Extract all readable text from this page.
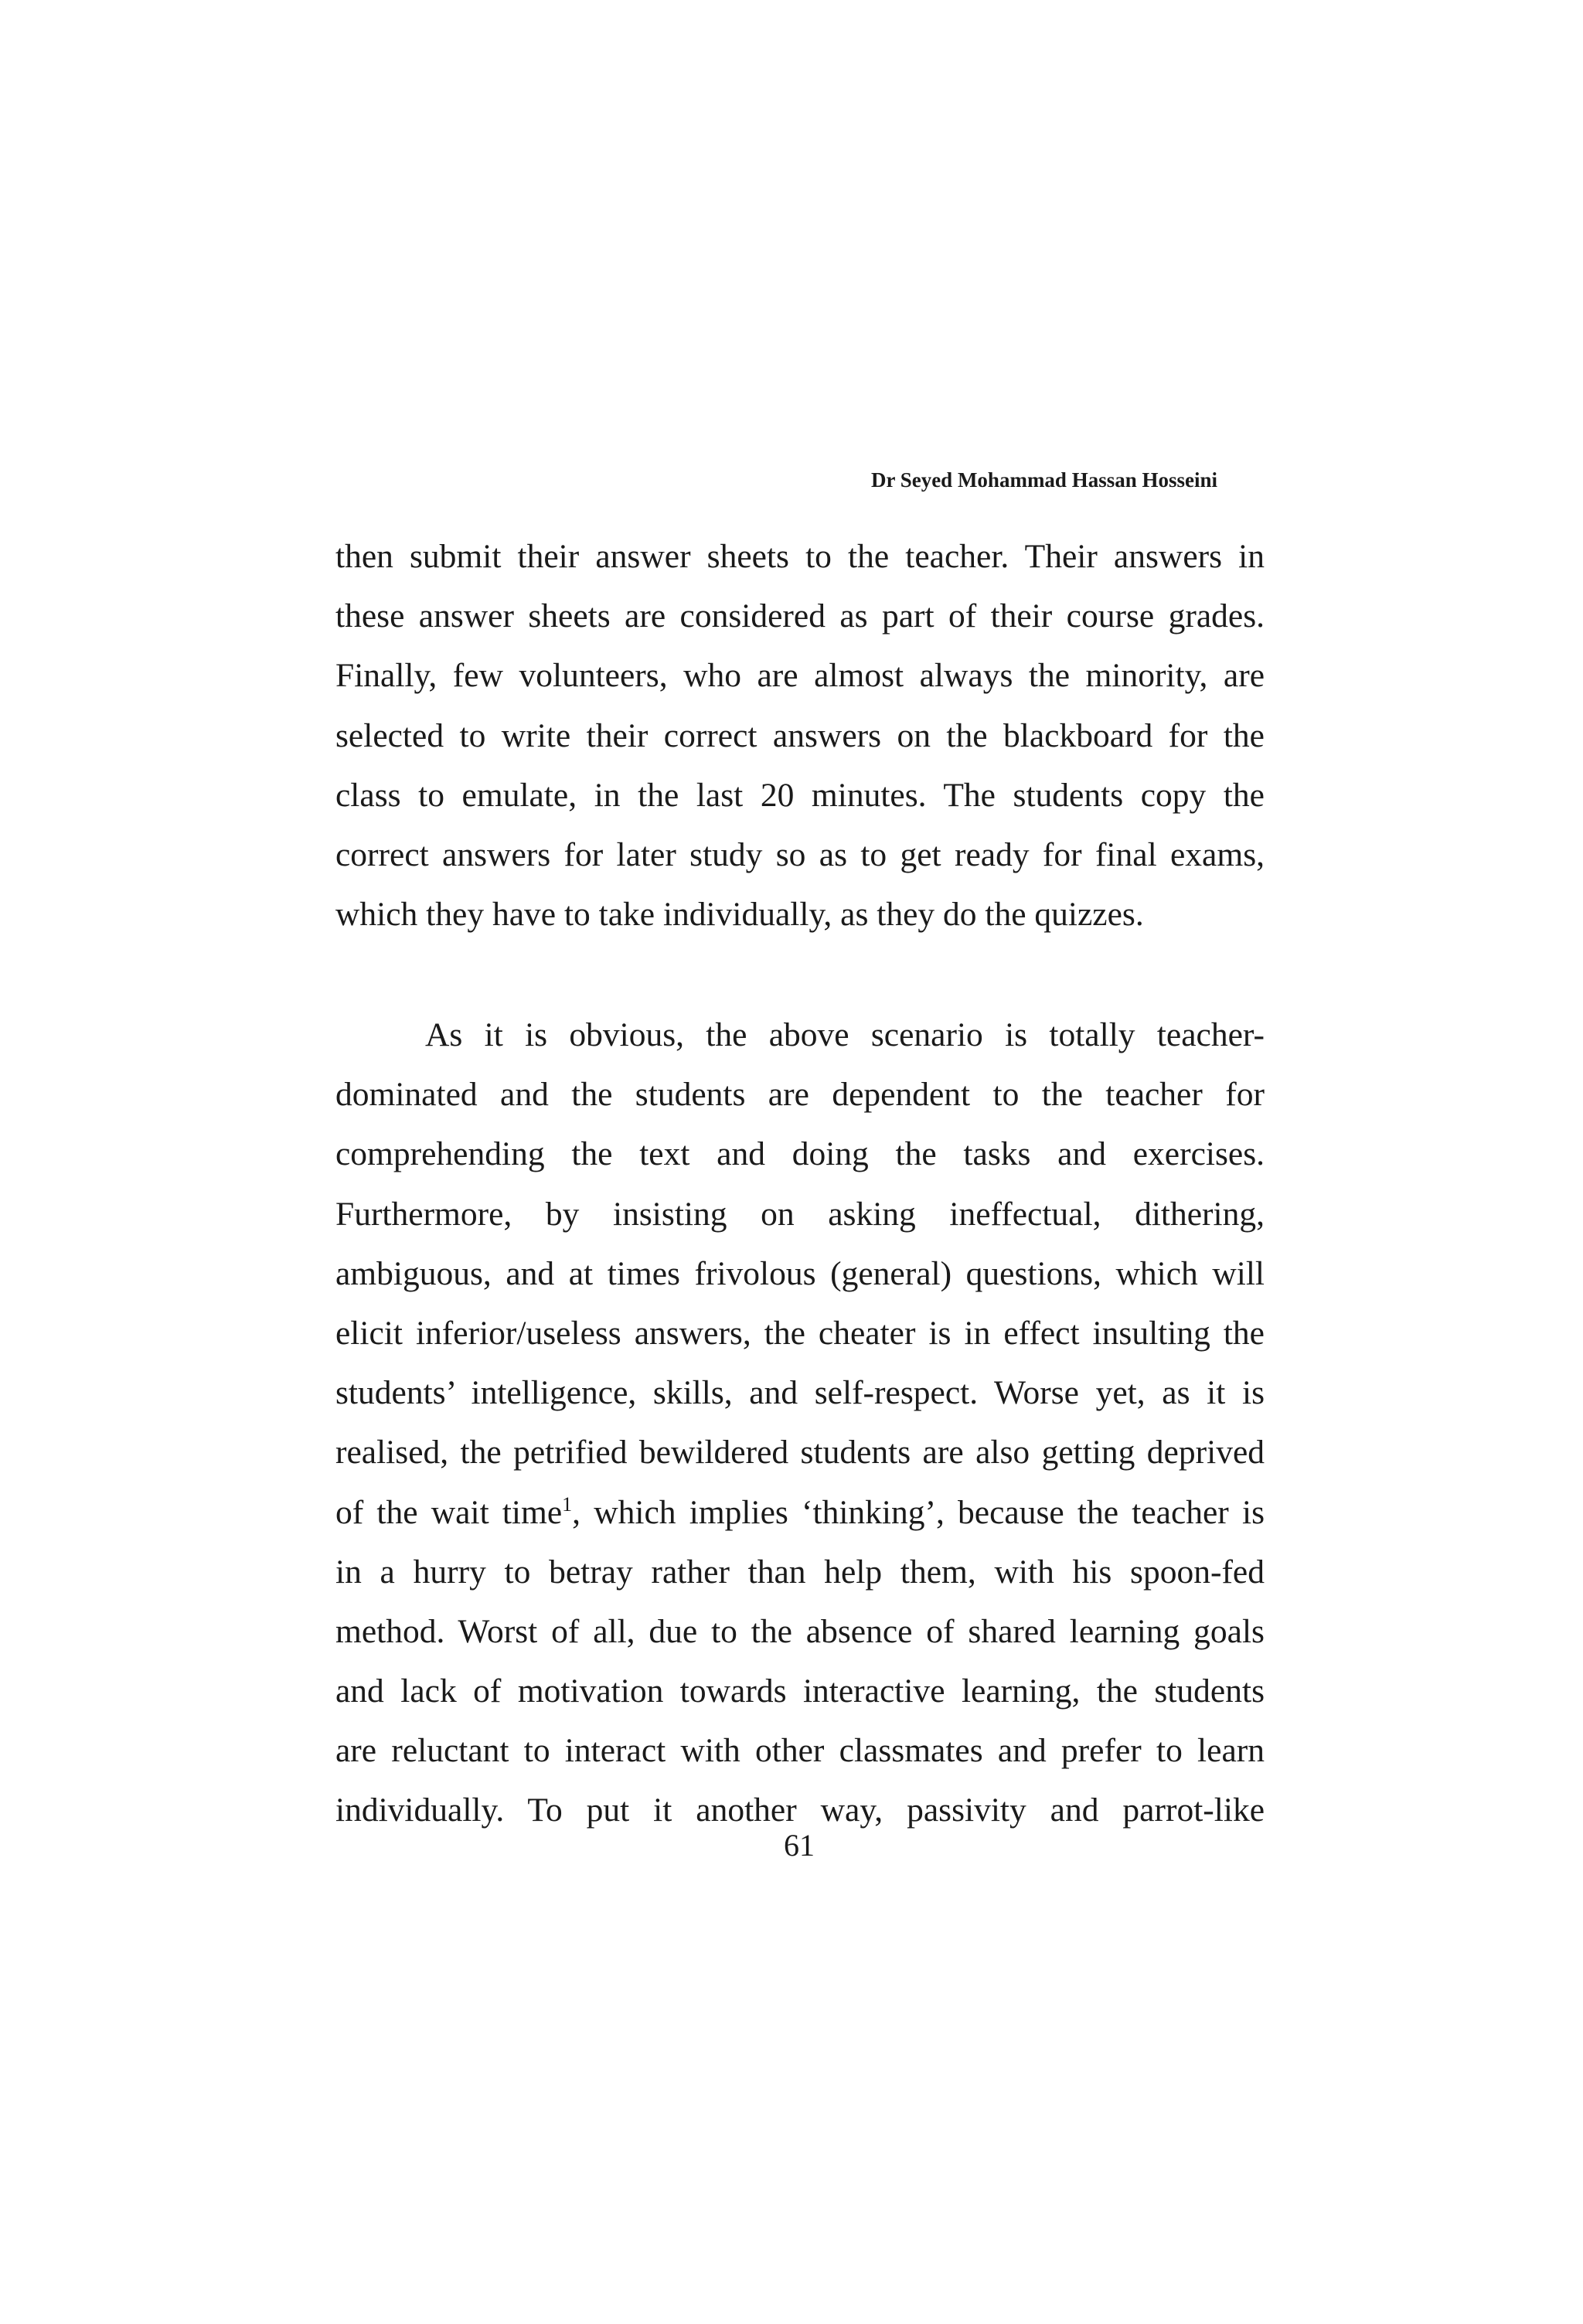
Dr Seyed Mohammad Hassan Hosseini
then submit their answer sheets to the teacher. Their answers in
these answer sheets are considered as part of their course grades.
Finally, few volunteers, who are almost always the minority, are
selected to write their correct answers on the blackboard for the
class to emulate, in the last 20 minutes. The students copy the
correct answers for later study so as to get ready for final exams,
which they have to take individually, as they do the quizzes.
As it is obvious, the above scenario is totally teacher-
dominated and the students are dependent to the teacher for
comprehending the text and doing the tasks and exercises.
Furthermore, by insisting on asking ineffectual, dithering,
ambiguous, and at times frivolous (general) questions, which will
elicit inferior/useless answers, the cheater is in effect insulting the
students’ intelligence, skills, and self-respect. Worse yet, as it is
realised, the petrified bewildered students are also getting deprived
of the wait time$^1$, which implies ‘thinking’, because the teacher is
in a hurry to betray rather than help them, with his spoon-fed
method. Worst of all, due to the absence of shared learning goals
and lack of motivation towards interactive learning, the students
are reluctant to interact with other classmates and prefer to learn
individually. To put it another way, passivity and parrot-like
61
